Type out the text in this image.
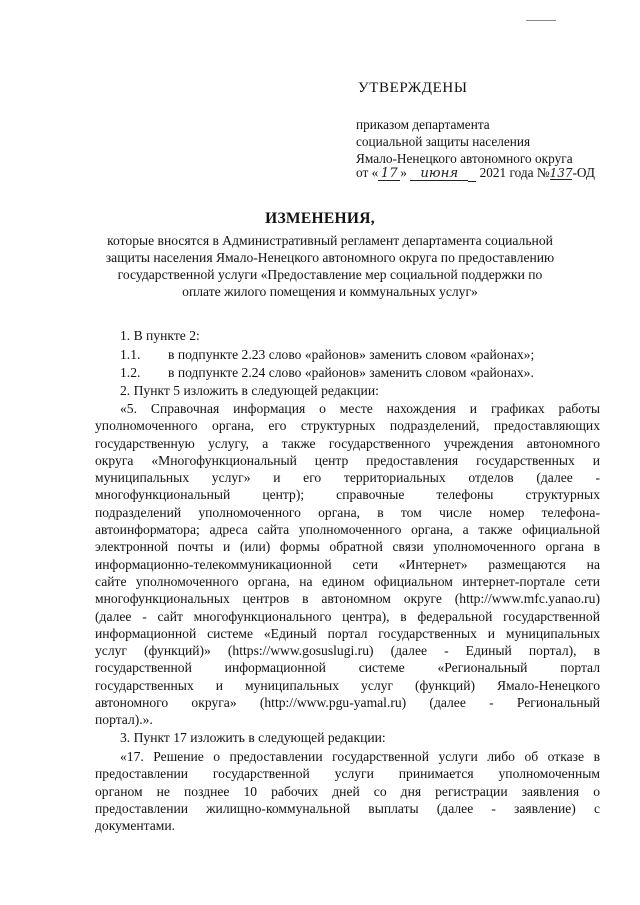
УТВЕРЖДЕНЫ
приказом департамента
социальной защиты населения
Ямало-Ненецкого автономного округа
от « 17 » июня 2021 года №137-ОД
ИЗМЕНЕНИЯ,
которые вносятся в Административный регламент департамента социальной
защиты населения Ямало-Ненецкого автономного округа по предоставлению
государственной услуги «Предоставление мер социальной поддержки по
оплате жилого помещения и коммунальных услуг»
1. В пункте 2:
1.1. в подпункте 2.23 слово «районов» заменить словом «районах»;
1.2. в подпункте 2.24 слово «районов» заменить словом «районах».
2. Пункт 5 изложить в следующей редакции:
«5. Справочная информация о месте нахождения и графиках работы
уполномоченного органа, его структурных подразделений, предоставляющих
государственную услугу, а также государственного учреждения автономного
округа «Многофункциональный центр предоставления государственных и
муниципальных услуг» и его территориальных отделов (далее -
многофункциональный центр); справочные телефоны структурных
подразделений уполномоченного органа, в том числе номер телефона-
автоинформатора; адреса сайта уполномоченного органа, а также официальной
электронной почты и (или) формы обратной связи уполномоченного органа в
информационно-телекоммуникационной сети «Интернет» размещаются на
сайте уполномоченного органа, на едином официальном интернет-портале сети
многофункциональных центров в автономном округе (http://www.mfc.yanao.ru)
(далее - сайт многофункционального центра), в федеральной государственной
информационной системе «Единый портал государственных и муниципальных
услуг (функций)» (https://www.gosuslugi.ru) (далее - Единый портал), в
государственной информационной системе «Региональный портал
государственных и муниципальных услуг (функций) Ямало-Ненецкого
автономного округа» (http://www.pgu-yamal.ru) (далее - Региональный
портал).».
3. Пункт 17 изложить в следующей редакции:
«17. Решение о предоставлении государственной услуги либо об отказе в
предоставлении государственной услуги принимается уполномоченным
органом не позднее 10 рабочих дней со дня регистрации заявления о
предоставлении жилищно-коммунальной выплаты (далее - заявление) с
документами.
